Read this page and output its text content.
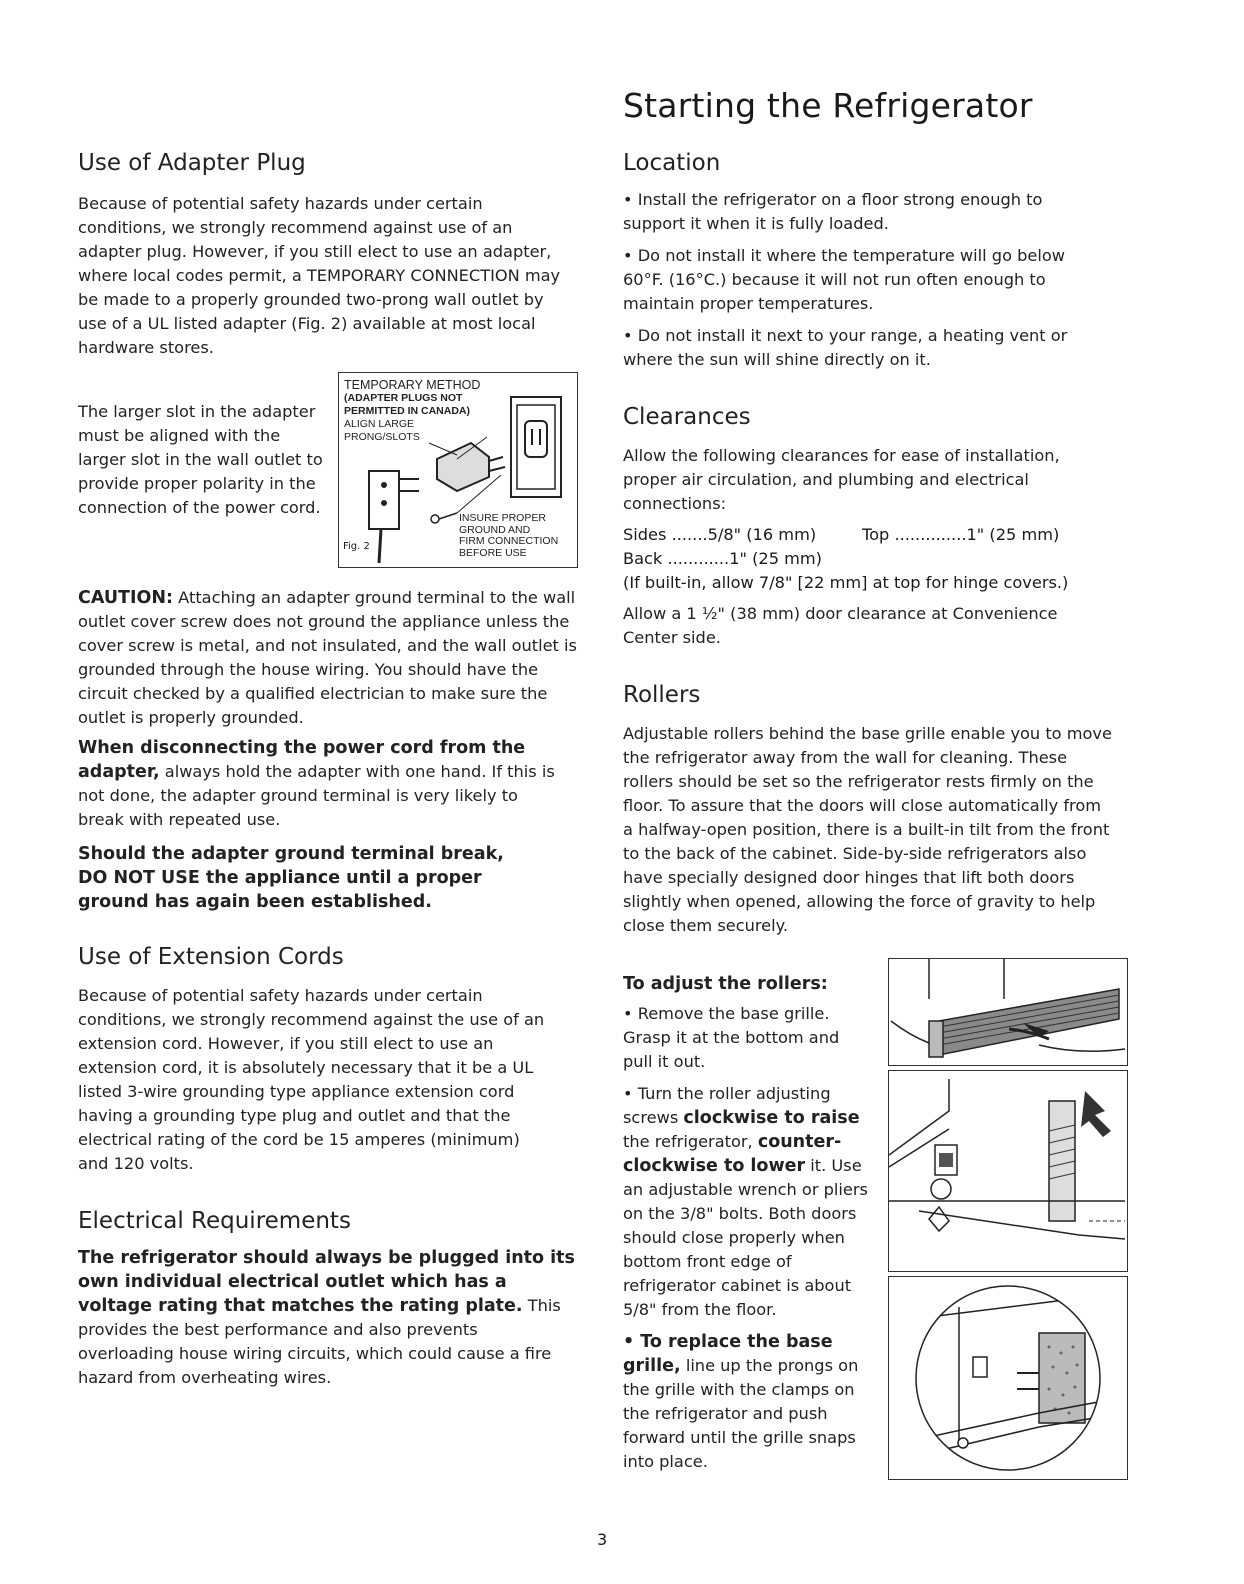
Starting the Refrigerator
Use of Adapter Plug

Because of potential safety hazards under certain conditions, we strongly recommend against use of an adapter plug. However, if you still elect to use an adapter, where local codes permit, a TEMPORARY CONNECTION may be made to a properly grounded two-prong wall outlet by use of a UL listed adapter (Fig. 2) available at most local hardware stores.

The larger slot in the adapter must be aligned with the larger slot in the wall outlet to provide proper polarity in the connection of the power cord.

TEMPORARY METHOD
(ADAPTER PLUGS NOT
PERMITTED IN CANADA)
ALIGN LARGE
PRONG/SLOTS
INSURE PROPER
GROUND AND
FIRM CONNECTION
BEFORE USE
Fig. 2

CAUTION: Attaching an adapter ground terminal to the wall outlet cover screw does not ground the appliance unless the cover screw is metal, and not insulated, and the wall outlet is grounded through the house wiring. You should have the circuit checked by a qualified electrician to make sure the outlet is properly grounded.

When disconnecting the power cord from the adapter, always hold the adapter with one hand. If this is not done, the adapter ground terminal is very likely to break with repeated use.

Should the adapter ground terminal break, DO NOT USE the appliance until a proper ground has again been established.

Use of Extension Cords

Because of potential safety hazards under certain conditions, we strongly recommend against the use of an extension cord. However, if you still elect to use an extension cord, it is absolutely necessary that it be a UL listed 3-wire grounding type appliance extension cord having a grounding type plug and outlet and that the electrical rating of the cord be 15 amperes (minimum) and 120 volts.

Electrical Requirements

The refrigerator should always be plugged into its own individual electrical outlet which has a voltage rating that matches the rating plate. This provides the best performance and also prevents overloading house wiring circuits, which could cause a fire hazard from overheating wires.

Location

• Install the refrigerator on a floor strong enough to support it when it is fully loaded.

• Do not install it where the temperature will go below 60°F. (16°C.) because it will not run often enough to maintain proper temperatures.

• Do not install it next to your range, a heating vent or where the sun will shine directly on it.

Clearances

Allow the following clearances for ease of installation, proper air circulation, and plumbing and electrical connections:

Sides .......5/8" (16 mm)	Top ..............1" (25 mm)
Back ............1" (25 mm)
(If built-in, allow 7/8" [22 mm] at top for hinge covers.)

Allow a 1 ½" (38 mm) door clearance at Convenience Center side.

Rollers

Adjustable rollers behind the base grille enable you to move the refrigerator away from the wall for cleaning. These rollers should be set so the refrigerator rests firmly on the floor. To assure that the doors will close automatically from a halfway-open position, there is a built-in tilt from the front to the back of the cabinet. Side-by-side refrigerators also have specially designed door hinges that lift both doors slightly when opened, allowing the force of gravity to help close them securely.

To adjust the rollers:

• Remove the base grille. Grasp it at the bottom and pull it out.

• Turn the roller adjusting screws clockwise to raise the refrigerator, counter-clockwise to lower it. Use an adjustable wrench or pliers on the 3/8" bolts. Both doors should close properly when bottom front edge of refrigerator cabinet is about 5/8" from the floor.

• To replace the base grille, line up the prongs on the grille with the clamps on the refrigerator and push forward until the grille snaps into place.

3
